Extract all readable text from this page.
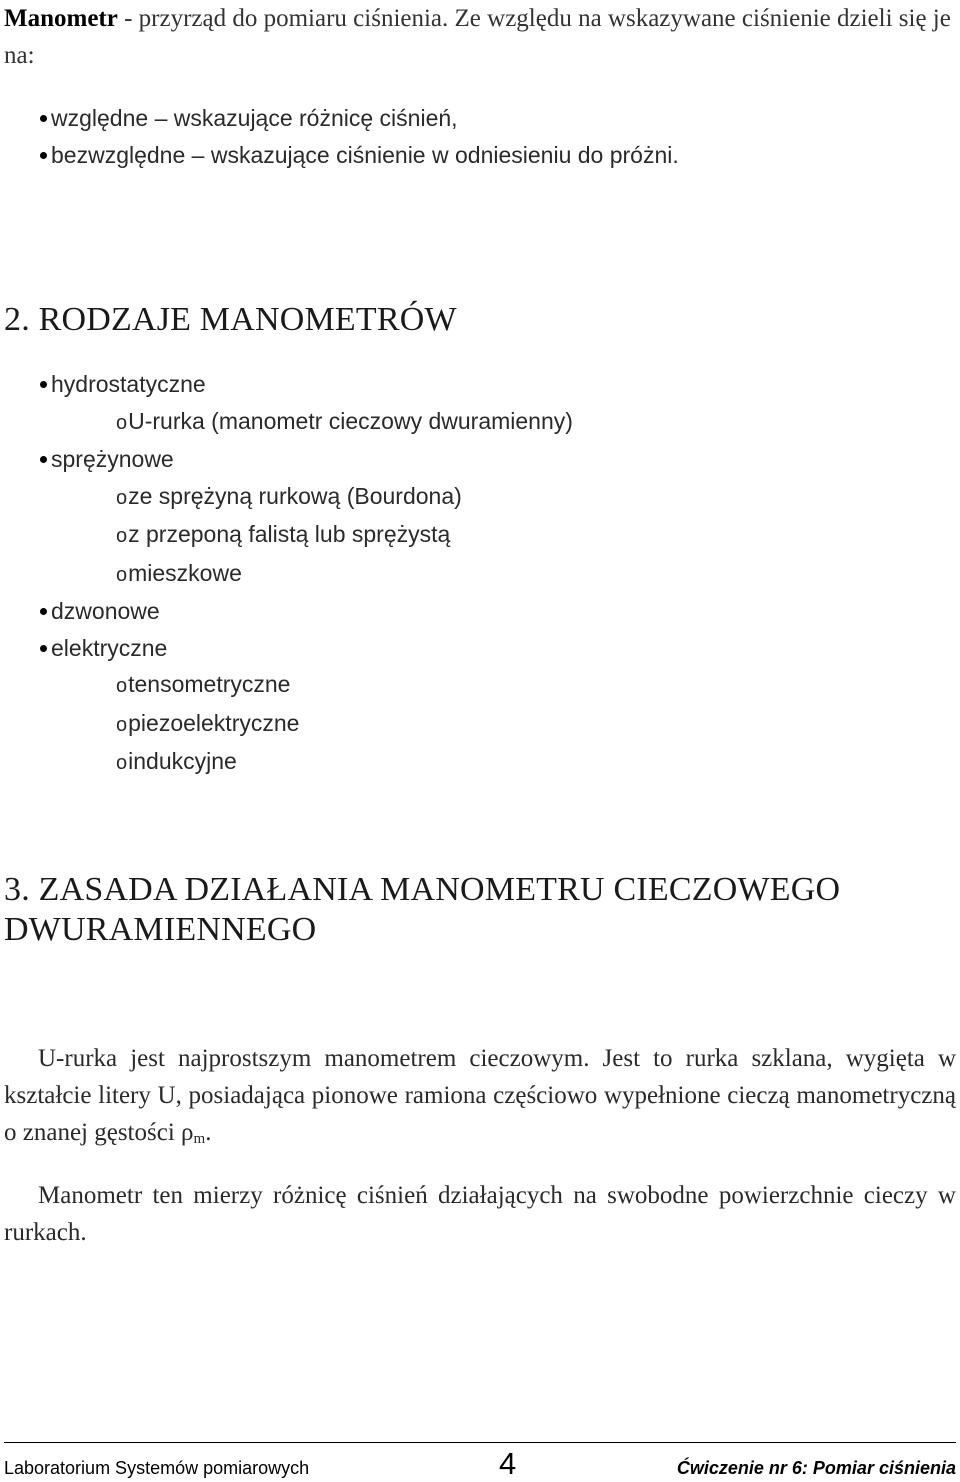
Manometr - przyrząd do pomiaru ciśnienia. Ze względu na wskazywane ciśnienie dzieli się je na:
względne – wskazujące różnicę ciśnień,
bezwzględne – wskazujące ciśnienie w odniesieniu do próżni.
2. RODZAJE MANOMETRÓW
hydrostatyczne
oU-rurka (manometr cieczowy dwuramienny)
sprężynowe
oze sprężyną rurkową (Bourdona)
oz przeponą falistą lub sprężystą
omieszkowe
dzwonowe
elektryczne
otensometryczne
opiezoelektryczne
oindukcyjne
3. ZASADA DZIAŁANIA MANOMETRU CIECZOWEGO
DWURAMIENNEGO
U-rurka jest najprostszym manometrem cieczowym. Jest to rurka szklana, wygięta w kształcie litery U, posiadająca pionowe ramiona częściowo wypełnione cieczą manometryczną o znanej gęstości $\rho_m$.
Manometr ten mierzy różnicę ciśnień działających na swobodne powierzchnie cieczy w rurkach.
Laboratorium Systemów pomiarowych	4	Ćwiczenie nr 6: Pomiar ciśnienia
